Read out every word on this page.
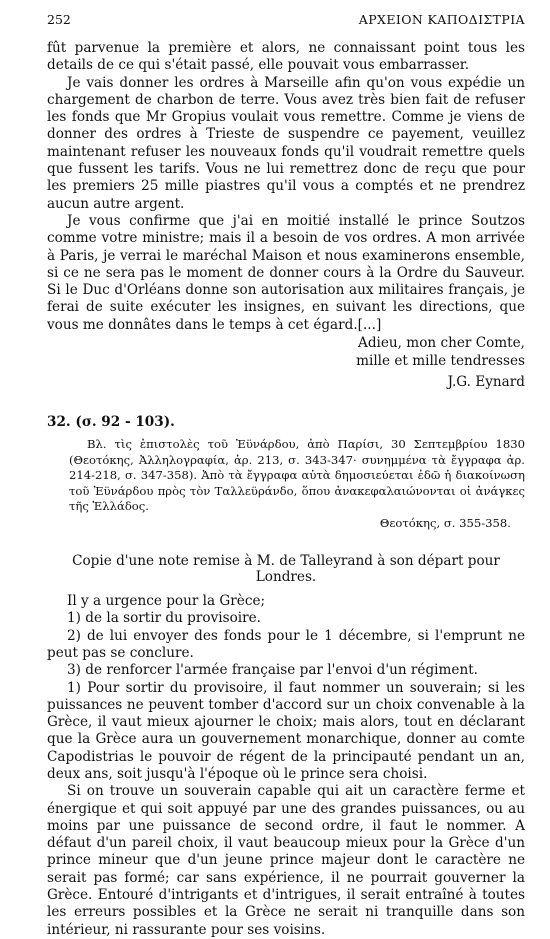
252	ΑΡΧΕΙΟΝ ΚΑΠΟΔΙΣΤΡΙΑ

fût parvenue la première et alors, ne connaissant point tous les details de ce qui s'était passé, elle pouvait vous embarrasser.

Je vais donner les ordres à Marseille afin qu'on vous expédie un chargement de charbon de terre. Vous avez très bien fait de refuser les fonds que Mr Gropius voulait vous remettre. Comme je viens de donner des ordres à Trieste de suspendre ce payement, veuillez maintenant refuser les nouveaux fonds qu'il voudrait remettre quels que fussent les tarifs. Vous ne lui remettrez donc de reçu que pour les premiers 25 mille piastres qu'il vous a comptés et ne prendrez aucun autre argent.

Je vous confirme que j'ai en moitié installé le prince Soutzos comme votre ministre; mais il a besoin de vos ordres. A mon arrivée à Paris, je verrai le maréchal Maison et nous examinerons ensemble, si ce ne sera pas le moment de donner cours à la Ordre du Sauveur. Si le Duc d'Orléans donne son autorisation aux militaires français, je ferai de suite exécuter les insignes, en suivant les directions, que vous me donnâtes dans le temps à cet égard.[...]

Adieu, mon cher Comte,
mille et mille tendresses
J.G. Eynard
32. (σ. 92 - 103).
Βλ. τὶς ἐπιστολὲς τοῦ Ἐϋνάρδου, ἀπὸ Παρίσι, 30 Σεπτεμβρίου 1830 (Θεοτόκης, Ἀλληλογραφία, ἀρ. 213, σ. 343-347· συνημμένα τὰ ἔγγραφα ἀρ. 214-218, σ. 347-358). Ἀπὸ τὰ ἔγγραφα αὐτὰ δημοσιεύεται ἐδῶ ἡ διακοίνωση τοῦ Ἐϋνάρδου πρὸς τὸν Ταλλεϋράνδο, ὅπου ἀνακεφαλαιώνονται οἱ ἀνάγκες τῆς Ἑλλάδος.
Θεοτόκης, σ. 355-358.
Copie d'une note remise à M. de Talleyrand à son départ pour Londres.

Il y a urgence pour la Grèce;

1) de la sortir du provisoire.

2) de lui envoyer des fonds pour le 1 décembre, si l'emprunt ne peut pas se conclure.

3) de renforcer l'armée française par l'envoi d'un régiment.

1) Pour sortir du provisoire, il faut nommer un souverain; si les puissances ne peuvent tomber d'accord sur un choix convenable à la Grèce, il vaut mieux ajourner le choix; mais alors, tout en déclarant que la Grèce aura un gouvernement monarchique, donner au comte Capodistrias le pouvoir de régent de la principauté pendant un an, deux ans, soit jusqu'à l'époque où le prince sera choisi.

Si on trouve un souverain capable qui ait un caractère ferme et énergique et qui soit appuyé par une des grandes puissances, ou au moins par une puissance de second ordre, il faut le nommer. A défaut d'un pareil choix, il vaut beaucoup mieux pour la Grèce d'un prince mineur que d'un jeune prince majeur dont le caractère ne serait pas formé; car sans expérience, il ne pourrait gouverner la Grèce. Entouré d'intrigants et d'intrigues, il serait entraîné à toutes les erreurs possibles et la Grèce ne serait ni tranquille dans son intérieur, ni rassurante pour ses voisins.
